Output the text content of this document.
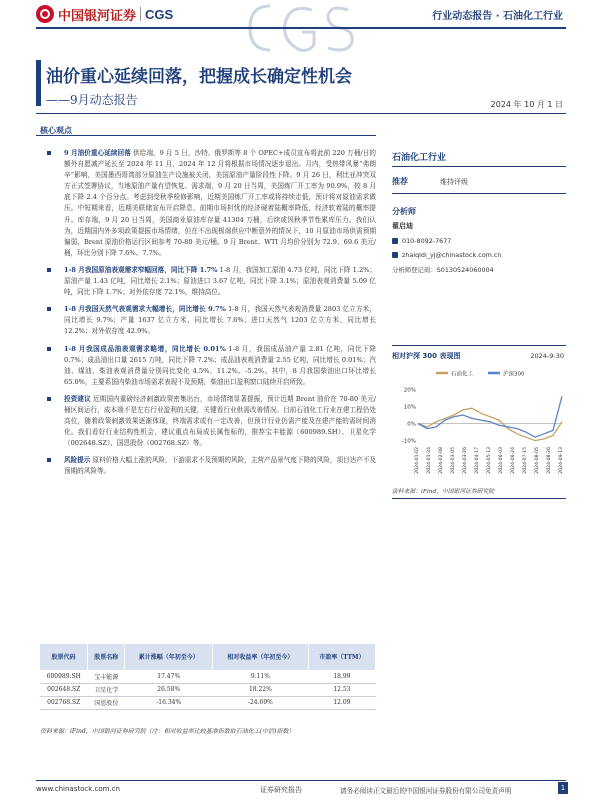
中国银河证券 CGS	行业动态报告 · 石油化工行业
油价重心延续回落，把握成长确定性机会
——9月动态报告	2024 年 10 月 1 日
核心观点
9 月油价重心延续回落 供给端，9 月 5 日，沙特、俄罗斯等 8 个 OPEC+成员宣布将此前 220 万桶/日的额外自愿减产延长至 2024 年 11 月，2024 年 12 月将根据市场情况逐步退出。月内，受热带风暴“弗朗辛”影响，美国墨西哥湾部分原油生产设施被关闭，美国原油产量阶段性下降。9 月 26 日，利比亚冲突双方正式签署协议，当地原油产量有望恢复。需求端，9 月 20 日当周，美国炼厂开工率为 90.9%，较 8 月底下降 2.4 个百分点。考虑到受秋季检修影响，近期美国炼厂开工率或将持续走低，预计将对原油需求做压。中短期来看，近期美联储宣布开启降息，前期市场担忧的经济硬着陆概率降低，经济软着陆的概率提升。库存端，9 月 20 日当周，美国商业原油库存量 41304 万桶，后续或因秋季节性累库压力。我们认为，近期国内外多项政策提振市场情绪，但在不出现极端供应中断意外的情况下，10 月原油市场供需预期偏弱，Brent 原油价格运行区间参考 70-80 美元/桶。9 月 Brent、WTI 月均价分别为 72.9、69.6 美元/桶，环比分别下降 7.6%、7.7%。
1-8 月我国原油表观需求窄幅回落，同比下降 1.7% 1-8 月，我国加工原油 4.73 亿吨，同比下降 1.2%；原油产量 1.43 亿吨，同比增长 2.1%；原油进口 3.67 亿吨，同比下降 3.1%；原油表观消费量 5.09 亿吨，同比下降 1.7%；对外依存度 72.1%，维持高位。
1-8 月我国天然气表观需求大幅增长，同比增长 9.7% 1-8 月，我国天然气表观消费量 2803 亿立方米，同比增长 9.7%；产量 1637 亿立方米，同比增长 7.6%；进口天然气 1203 亿立方米，同比增长 12.2%；对外依存度 42.9%。
1-8 月我国成品油表观需求略增，同比增长 0.01% 1-8 月，我国成品油产量 2.81 亿吨，同比下降 0.7%；成品油出口量 2615 万吨，同比下降 7.2%；成品油表观消费量 2.55 亿吨，同比增长 0.01%；汽油、煤油、柴油表观消费量分别同比变化 4.5%、11.2%、-5.2%。其中，8 月我国柴油出口环比增长 65.0%，主要系国内柴油市场需求表现不及预期，柴油出口盈利窗口陆续开启所致。
投资建议 近期国内重磅经济刺激政策密集出台，市场情绪显著提振，预计近期 Brent 油价在 70-80 美元/桶区间运行，成本端不是左右行业盈利的关键，关键看行业供需改善情况。目前石油化工行业在建工程仍处高位，随着政策刺激效果逐渐体现，终端需求或有一定改善，但预计行业仍需产能及在建产能的需时间消化。我们看好行业结构性机会，建议重点布局成长属性标的，推荐宝丰能源（600989.SH）、卫星化学（002648.SZ）、国恩股份（002768.SZ）等。
风险提示 原料价格大幅上涨的风险，下游需求不及预期的风险，主营产品景气度下降的风险，项目达产不及预期的风险等。
股票代码	股票名称	累计涨幅（年初至今）	相对收益率（年初至今）	市盈率（TTM）
600989.SH	宝丰能源	17.47%	9.11%	18.99
002648.SZ	卫星化学	26.58%	18.22%	12.53
002768.SZ	国恩股份	-16.34%	-24.69%	12.09
资料来源：iFind，中国银河证券研究院（注：相对收益率比较基准指数取石油化工(中信)指数）
石油化工行业
推荐	维持评级
分析师
翟启迪
010-8092-7677
zhaiqidi_yj@chinastock.com.cn
分析师登记码：S0130524060004
相对沪深 300 表现图	2024-9-30
石油化工	沪深300
20%
10%
0%
-10%
2024-01-02 2024-01-24 2024-02-08 2024-03-05 2024-03-26 2024-04-17 2024-05-13 2024-06-03 2024-06-24 2024-07-15 2024-08-05 2024-08-26 2024-09-13
资料来源：iFind，中国银河证券研究院
www.chinastock.com.cn	证券研究报告	请务必阅读正文最后的中国银河证券股份有限公司免责声明	1
